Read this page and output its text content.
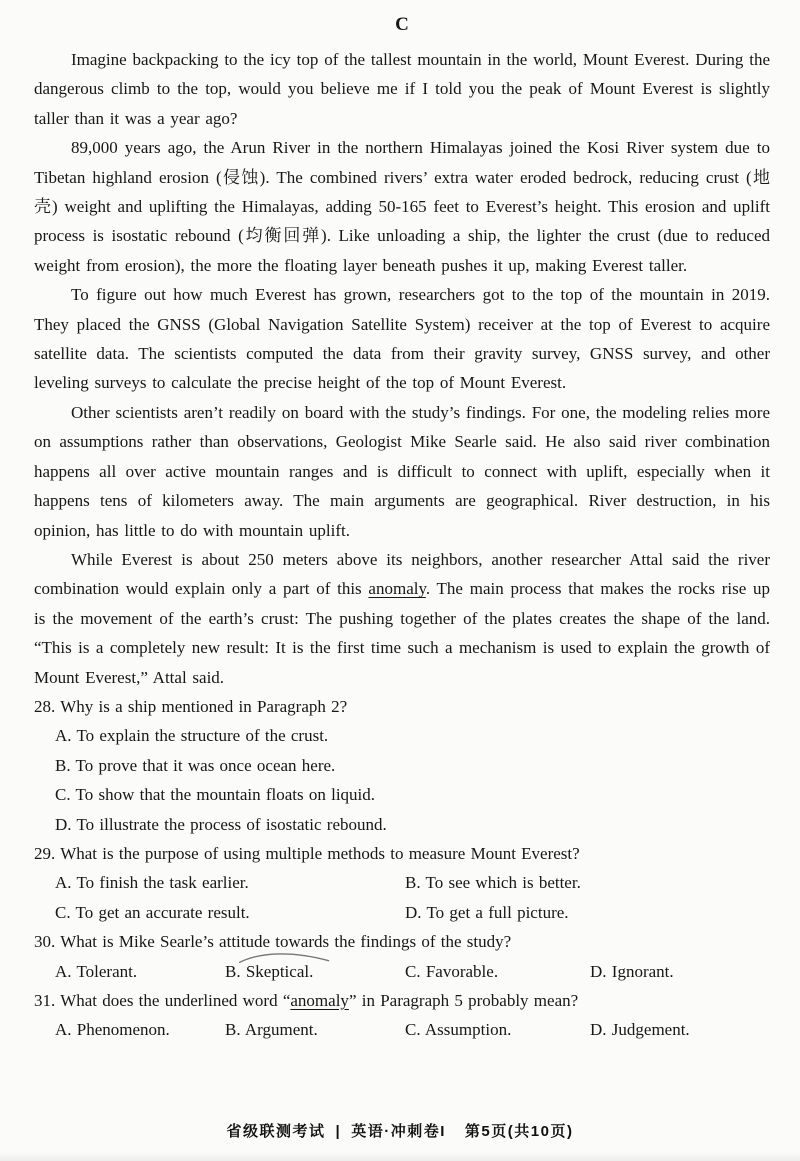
C

Imagine backpacking to the icy top of the tallest mountain in the world, Mount Everest. During the dangerous climb to the top, would you believe me if I told you the peak of Mount Everest is slightly taller than it was a year ago?

89,000 years ago, the Arun River in the northern Himalayas joined the Kosi River system due to Tibetan highland erosion (侵蚀). The combined rivers’ extra water eroded bedrock, reducing crust (地壳) weight and uplifting the Himalayas, adding 50-165 feet to Everest’s height. This erosion and uplift process is isostatic rebound (均衡回弹). Like unloading a ship, the lighter the crust (due to reduced weight from erosion), the more the floating layer beneath pushes it up, making Everest taller.

To figure out how much Everest has grown, researchers got to the top of the mountain in 2019. They placed the GNSS (Global Navigation Satellite System) receiver at the top of Everest to acquire satellite data. The scientists computed the data from their gravity survey, GNSS survey, and other leveling surveys to calculate the precise height of the top of Mount Everest.

Other scientists aren’t readily on board with the study’s findings. For one, the modeling relies more on assumptions rather than observations, Geologist Mike Searle said. He also said river combination happens all over active mountain ranges and is difficult to connect with uplift, especially when it happens tens of kilometers away. The main arguments are geographical. River destruction, in his opinion, has little to do with mountain uplift.

While Everest is about 250 meters above its neighbors, another researcher Attal said the river combination would explain only a part of this anomaly. The main process that makes the rocks rise up is the movement of the earth’s crust: The pushing together of the plates creates the shape of the land. “This is a completely new result: It is the first time such a mechanism is used to explain the growth of Mount Everest,” Attal said.

28. Why is a ship mentioned in Paragraph 2?
A. To explain the structure of the crust.
B. To prove that it was once ocean here.
C. To show that the mountain floats on liquid.
D. To illustrate the process of isostatic rebound.
29. What is the purpose of using multiple methods to measure Mount Everest?
A. To finish the task earlier.	B. To see which is better.
C. To get an accurate result.	D. To get a full picture.
30. What is Mike Searle’s attitude towards the findings of the study?
A. Tolerant.	B. Skeptical.	C. Favorable.	D. Ignorant.
31. What does the underlined word “anomaly” in Paragraph 5 probably mean?
A. Phenomenon.	B. Argument.	C. Assumption.	D. Judgement.
省级联测考试 | 英语·冲刺卷I 第5页(共10页)
